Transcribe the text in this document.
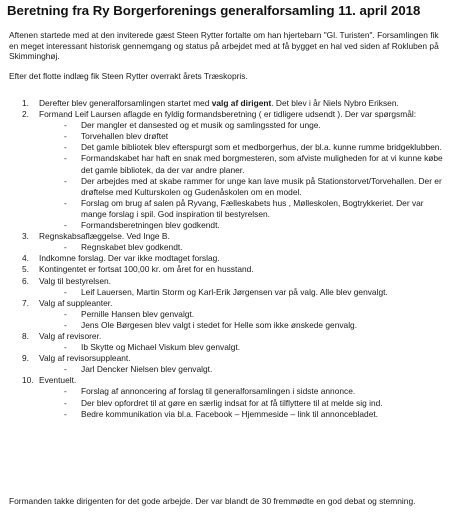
Beretning fra Ry Borgerforenings generalforsamling 11. april 2018

Aftenen startede med at den inviterede gæst Steen Rytter fortalte om han hjertebarn "Gl. Turisten". Forsamlingen fik en meget interessant historisk gennemgang og status på arbejdet med at få bygget en hal ved siden af Rokluben på Skimminghøj.

Efter det flotte indlæg fik Steen Rytter overrakt årets Træskopris.

1. Derefter blev generalforsamlingen startet med valg af dirigent. Det blev i år Niels Nybro Eriksen.
2. Formand Leif Laursen aflagde en fyldig formandsberetning ( er tidligere udsendt ). Der var spørgsmål:
- Der mangler et dansested og et musik og samlingssted for unge.
- Torvehallen blev drøftet
- Det gamle bibliotek blev efterspurgt som et medborgerhus, der bl.a. kunne rumme bridgeklubben.
- Formandskabet har haft en snak med borgmesteren, som afviste muligheden for at vi kunne købe det gamle bibliotek, da der var andre planer.
- Der arbejdes med at skabe rammer for unge kan lave musik på Stationstorvet/Torvehallen. Der er drøftelse med Kulturskolen og Gudenåskolen om en model.
- Forslag om brug af salen på Ryvang, Fælleskabets hus , Mølleskolen, Bogtrykkeriet. Der var mange forslag i spil. God inspiration til bestyrelsen.
- Formandsberetningen blev godkendt.
3. Regnskabsaflæggelse. Ved Inge B.
- Regnskabet blev godkendt.
4. Indkomne forslag. Der var ikke modtaget forslag.
5. Kontingentet er fortsat 100,00 kr. om året for en husstand.
6. Valg til bestyrelsen.
- Leif Lauersen, Martin Storm og Karl-Erik Jørgensen var på valg. Alle blev genvalgt.
7. Valg af suppleanter.
- Pernille Hansen blev genvalgt.
- Jens Ole Børgesen blev valgt i stedet for Helle som ikke ønskede genvalg.
8. Valg af revisorer.
- Ib Skytte og Michael Viskum blev genvalgt.
9. Valg af revisorsuppleant.
- Jarl Dencker Nielsen blev genvalgt.
10. Eventuelt.
- Forslag af annoncering af forslag til generalforsamlingen i sidste annonce.
- Der blev opfordret til at gøre en særlig indsat for at få tilflyttere til at melde sig ind.
- Bedre kommunikation via bl.a. Facebook – Hjemmeside – link til annoncebladet.
Formanden takke dirigenten for det gode arbejde. Der var blandt de 30 fremmødte en god debat og stemning.
